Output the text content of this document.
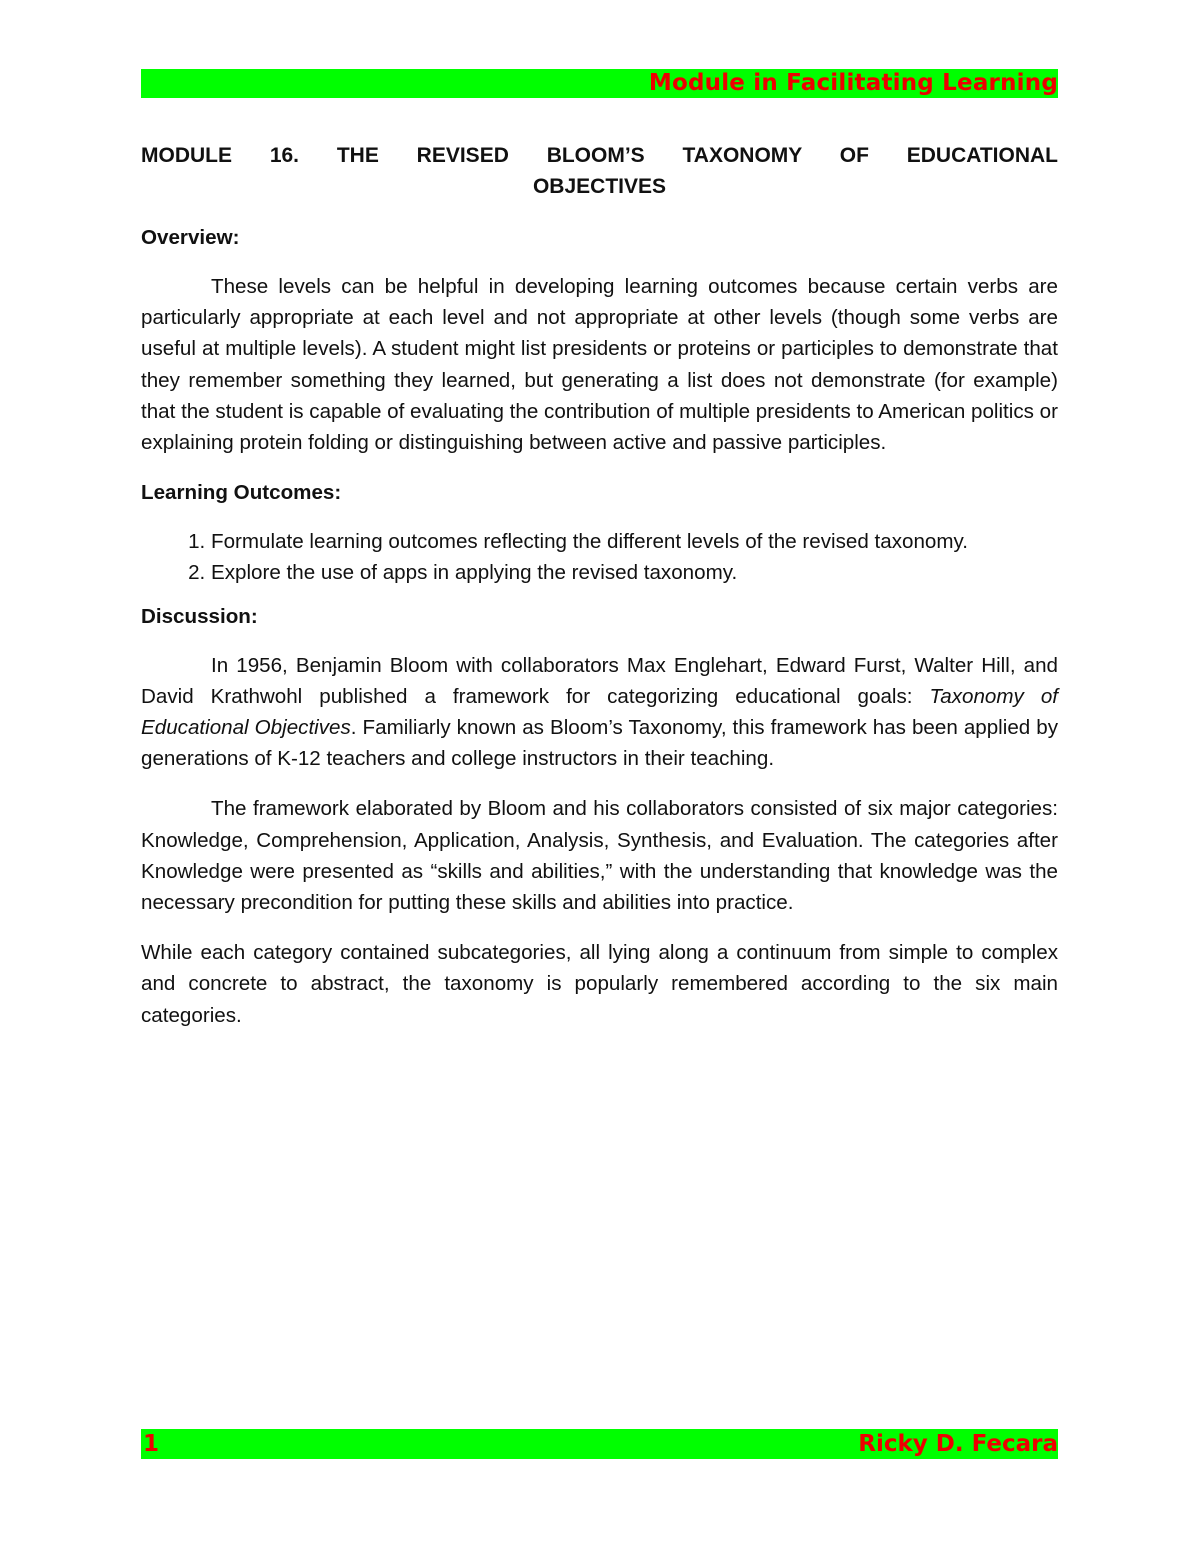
Module in Facilitating Learning
MODULE 16. THE REVISED BLOOM’S TAXONOMY OF EDUCATIONAL
OBJECTIVES
Overview:

These levels can be helpful in developing learning outcomes because certain verbs are particularly appropriate at each level and not appropriate at other levels (though some verbs are useful at multiple levels). A student might list presidents or proteins or participles to demonstrate that they remember something they learned, but generating a list does not demonstrate (for example) that the student is capable of evaluating the contribution of multiple presidents to American politics or explaining protein folding or distinguishing between active and passive participles.

Learning Outcomes:
1. Formulate learning outcomes reflecting the different levels of the revised taxonomy.
2. Explore the use of apps in applying the revised taxonomy.
Discussion:

In 1956, Benjamin Bloom with collaborators Max Englehart, Edward Furst, Walter Hill, and David Krathwohl published a framework for categorizing educational goals: Taxonomy of Educational Objectives. Familiarly known as Bloom’s Taxonomy, this framework has been applied by generations of K-12 teachers and college instructors in their teaching.

The framework elaborated by Bloom and his collaborators consisted of six major categories: Knowledge, Comprehension, Application, Analysis, Synthesis, and Evaluation. The categories after Knowledge were presented as “skills and abilities,” with the understanding that knowledge was the necessary precondition for putting these skills and abilities into practice.

While each category contained subcategories, all lying along a continuum from simple to complex and concrete to abstract, the taxonomy is popularly remembered according to the six main categories.

1	Ricky D. Fecara
